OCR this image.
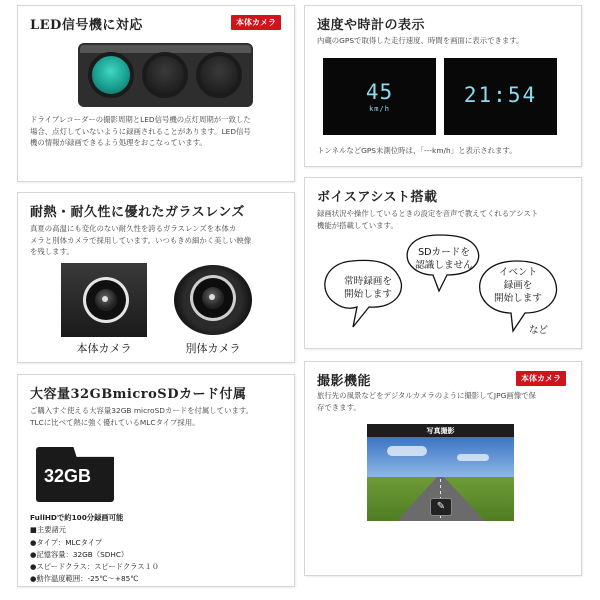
LED信号機に対応	本体カメラ
ドライブレコーダーの撮影周期とLED信号機の点灯周期が一致した
場合、点灯していないように録画されることがあります。LED信号
機の情報が録画できるよう処理をおこなっています。
速度や時計の表示
内蔵のGPSで取得した走行速度、時間を画面に表示できます。
45
km/h
21:54
トンネルなどGPS未測位時は、「---km/h」と表示されます。
耐熱・耐久性に優れたガラスレンズ
真夏の高温にも変化のない耐久性を誇るガラスレンズを本体カ
メラと別体カメラで採用しています。いつもきめ細かく美しい映像
を残します。
本体カメラ	別体カメラ
ボイスアシスト搭載
録画状況や操作しているときの設定を音声で教えてくれるアシスト
機能が搭載しています。
常時録画を
開始します
SDカードを
認識しません
イベント
録画を
開始します
など
大容量32GBmicroSDカード付属
ご購入すぐ使える大容量32GB microSDカードを付属しています。
TLCに比べて熱に強く優れているMLCタイプ採用。
32GB
FullHDで約100分録画可能
■主要諸元
●タイプ：MLCタイプ
●記憶容量：32GB（SDHC）
●スピードクラス：スピードクラス１０
●動作温度範囲：-25℃～+85℃
撮影機能	本体カメラ
旅行先の風景などをデジタルカメラのように撮影してJPG画像で保
存できます。
写真撮影
✎
